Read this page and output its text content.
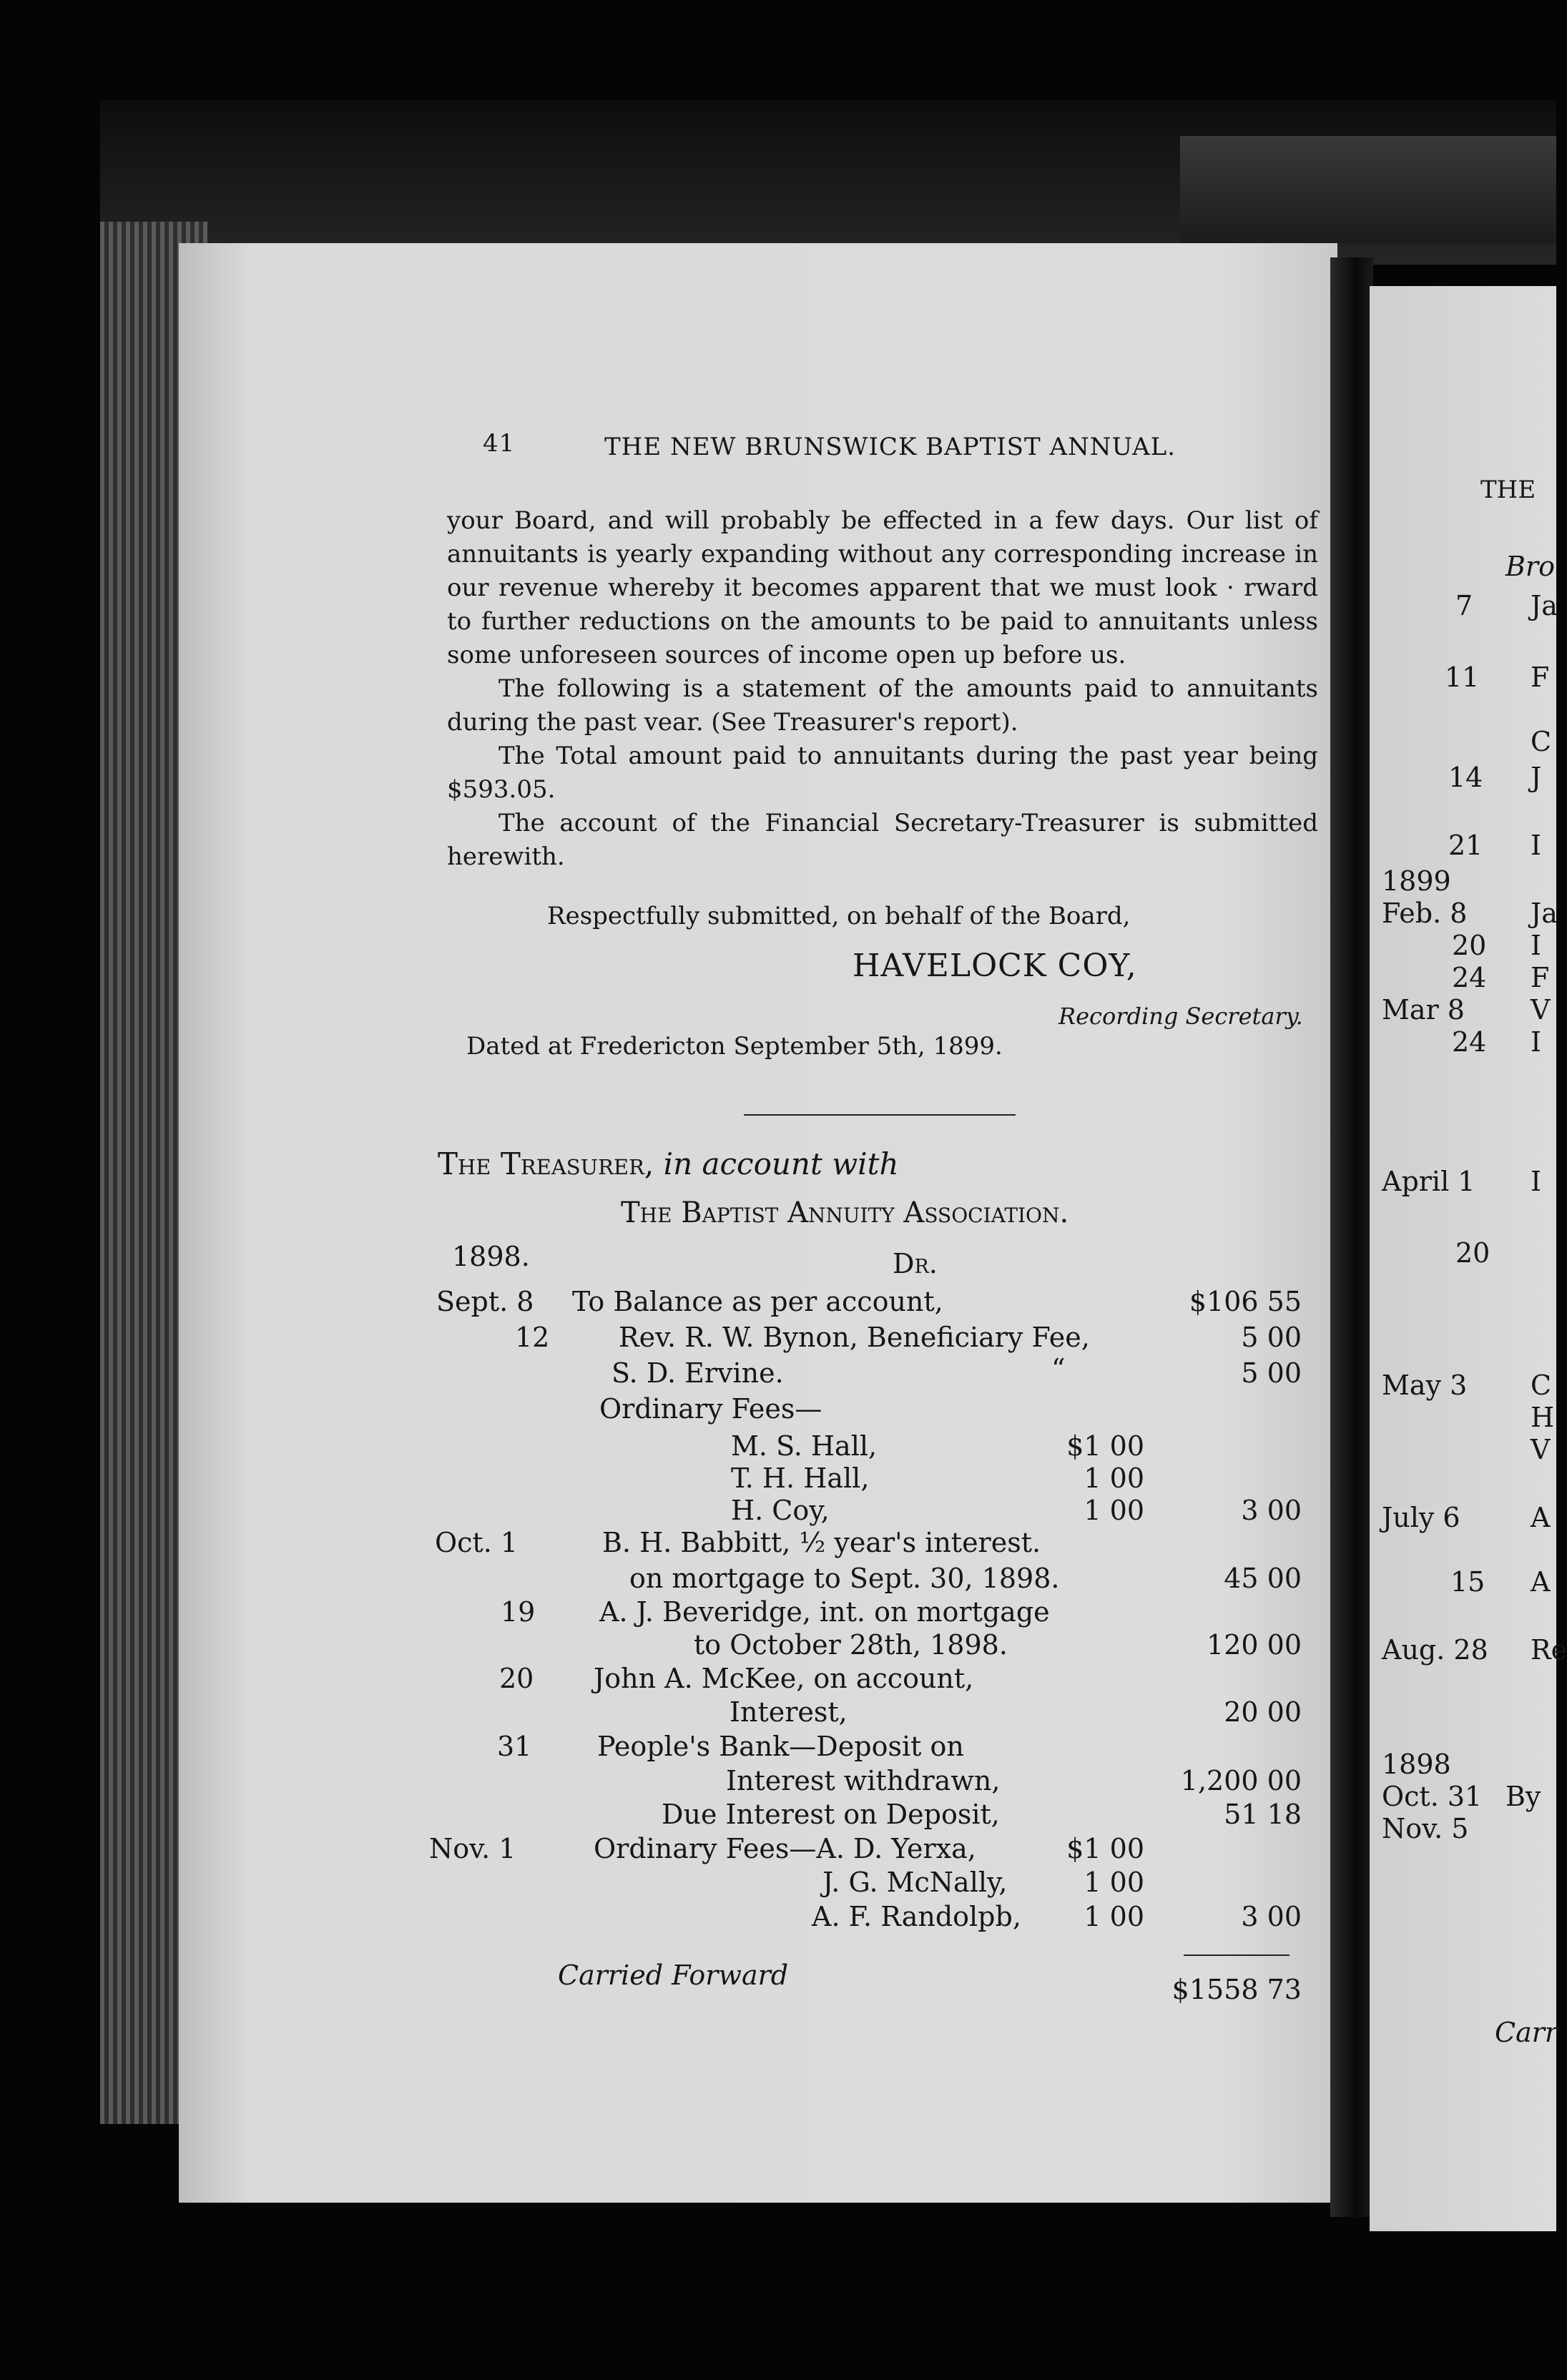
41	THE NEW BRUNSWICK BAPTIST ANNUAL.

your Board, and will probably be effected in a few days. Our list of annuitants is yearly expanding without any corresponding increase in our revenue whereby it becomes apparent that we must look · rward to further reductions on the amounts to be paid to annuitants unless some unforeseen sources of income open up before us.

The following is a statement of the amounts paid to annuitants during the past vear. (See Treasurer's report).

The Total amount paid to annuitants during the past year being $593.05.

The account of the Financial Secretary-Treasurer is submitted herewith.

Respectfully submitted, on behalf of the Board,
HAVELOCK COY,
Recording Secretary.
Dated at Fredericton September 5th, 1899.
The Treasurer, in account with
The Baptist Annuity Association.
1898.	Dr.
Sept. 8 To Balance as per account,	$106 55
12	Rev. R. W. Bynon, Beneficiary Fee,	5 00
S. D. Ervine.	“	5 00
Ordinary Fees—
M. S. Hall,	$1 00
T. H. Hall,	1 00
H. Coy,	1 00	3 00
Oct. 1	B. H. Babbitt, ½ year's interest.
on mortgage to Sept. 30, 1898.	45 00
19 A. J. Beveridge, int. on mortgage
to October 28th, 1898.	120 00
20 John A. McKee, on account,
Interest,	20 00
31 People's Bank—Deposit on
Interest withdrawn,	1,200 00
Due Interest on Deposit,	51 18
Nov. 1	Ordinary Fees—A. D. Yerxa,	$1 00
J. G. McNally,	1 00
A. F. Randolpb,	1 00	3 00
Carried Forward	$1558 73
THE
Bro
7 Ja
11 F
C
14 J
21 I
1899
Feb. 8 Ja
20 I
24 F
Mar 8 V
24 I
April 1 I
20
May 3 C
H
V
July 6	A
15 A
Aug. 28 Re
1898
Oct. 31 By
Nov. 5
Carr
